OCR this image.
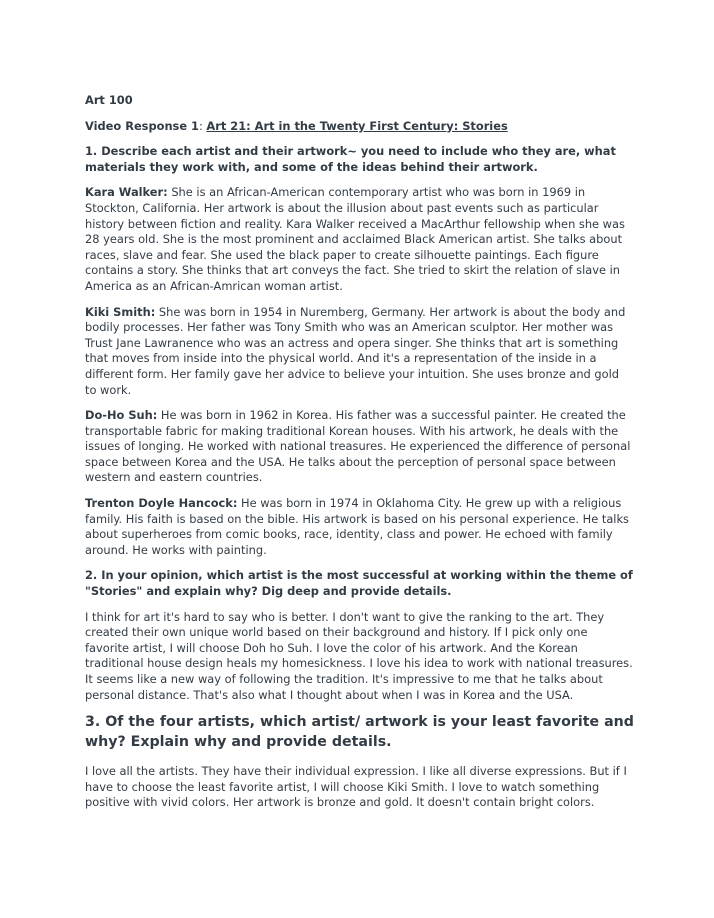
Art 100
Video Response 1: Art 21: Art in the Twenty First Century: Stories
1. Describe each artist and their artwork~ you need to include who they are, what materials they work with, and some of the ideas behind their artwork.
Kara Walker: She is an African-American contemporary artist who was born in 1969 in Stockton, California. Her artwork is about the illusion about past events such as particular history between fiction and reality. Kara Walker received a MacArthur fellowship when she was 28 years old. She is the most prominent and acclaimed Black American artist. She talks about races, slave and fear. She used the black paper to create silhouette paintings. Each figure contains a story. She thinks that art conveys the fact. She tried to skirt the relation of slave in America as an African-Amrican woman artist.
Kiki Smith: She was born in 1954 in Nuremberg, Germany. Her artwork is about the body and bodily processes. Her father was Tony Smith who was an American sculptor. Her mother was Trust Jane Lawranence who was an actress and opera singer. She thinks that art is something that moves from inside into the physical world. And it's a representation of the inside in a different form. Her family gave her advice to believe your intuition. She uses bronze and gold to work.
Do-Ho Suh: He was born in 1962 in Korea. His father was a successful painter. He created the transportable fabric for making traditional Korean houses. With his artwork, he deals with the issues of longing. He worked with national treasures. He experienced the difference of personal space between Korea and the USA. He talks about the perception of personal space between western and eastern countries.
Trenton Doyle Hancock: He was born in 1974 in Oklahoma City. He grew up with a religious family. His faith is based on the bible. His artwork is based on his personal experience. He talks about superheroes from comic books, race, identity, class and power. He echoed with family around. He works with painting.
2. In your opinion, which artist is the most successful at working within the theme of "Stories" and explain why? Dig deep and provide details.
I think for art it's hard to say who is better. I don't want to give the ranking to the art. They created their own unique world based on their background and history. If I pick only one favorite artist, I will choose Doh ho Suh. I love the color of his artwork. And the Korean traditional house design heals my homesickness. I love his idea to work with national treasures. It seems like a new way of following the tradition. It's impressive to me that he talks about personal distance. That's also what I thought about when I was in Korea and the USA.
3. Of the four artists, which artist/ artwork is your least favorite and why? Explain why and provide details.
I love all the artists. They have their individual expression. I like all diverse expressions. But if I have to choose the least favorite artist, I will choose Kiki Smith. I love to watch something positive with vivid colors. Her artwork is bronze and gold. It doesn't contain bright colors.
